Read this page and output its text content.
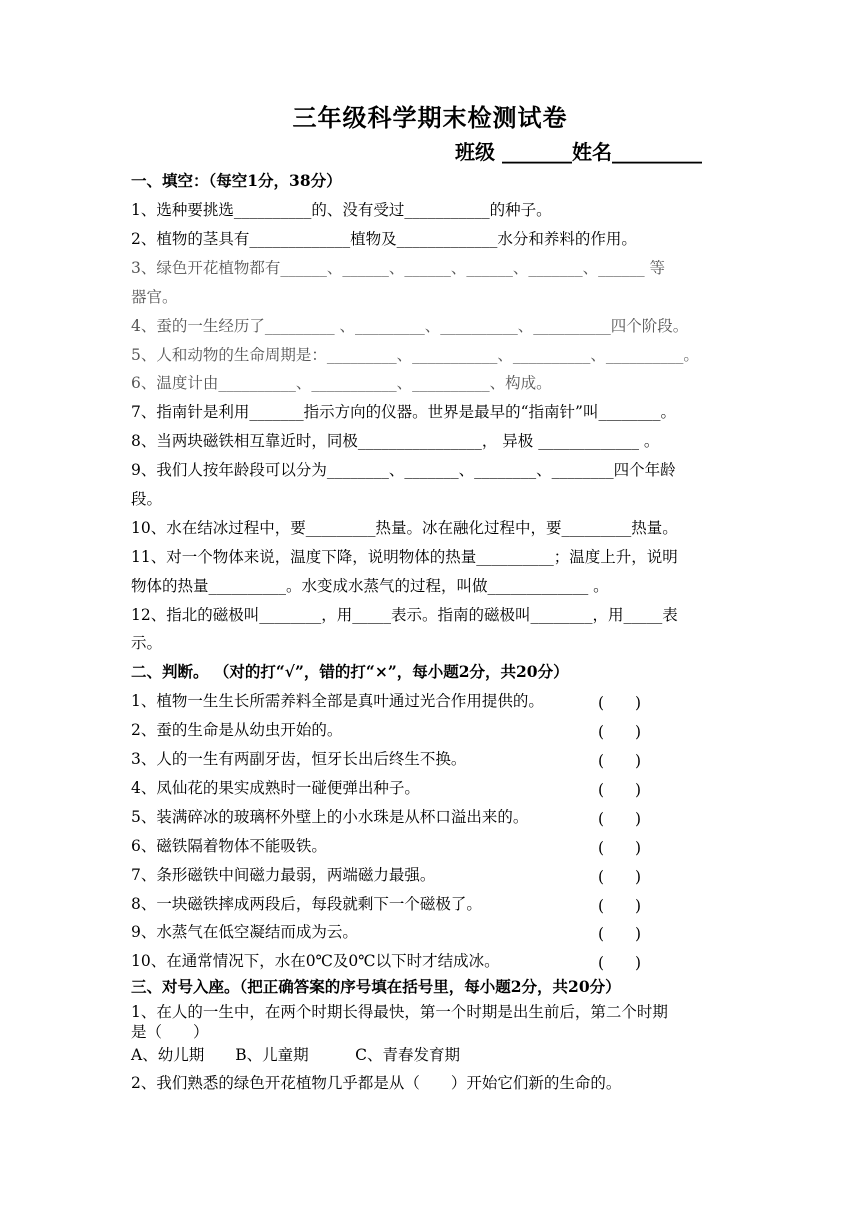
三年级科学期末检测试卷
班级 _______姓名_________
一、填空：（每空1分，38分）
1、选种要挑选__________的、没有受过___________的种子。
2、植物的茎具有_____________植物及_____________水分和养料的作用。
3、绿色开花植物都有______、______、______、______、_______、______ 等
器官。
4、蚕的一生经历了_________ 、_________、__________、__________四个阶段。
5、人和动物的生命周期是：_________、___________、__________、__________。
6、温度计由__________、___________、__________、构成。
7、指南针是利用_______指示方向的仪器。世界是最早的“指南针”叫________。
8、当两块磁铁相互靠近时，同极________________， 异极 _____________ 。
9、我们人按年龄段可以分为________、_______、________、________四个年龄
段。
10、水在结冰过程中，要_________热量。冰在融化过程中，要_________热量。
11、对一个物体来说，温度下降，说明物体的热量__________；温度上升，说明
物体的热量__________。水变成水蒸气的过程，叫做_____________ 。
12、指北的磁极叫________，用_____表示。指南的磁极叫________，用_____表
示。
二、判断。 （对的打“√”，错的打“×”，每小题2分，共20分）
1、植物一生生长所需养料全部是真叶通过光合作用提供的。	(　　)
2、蚕的生命是从幼虫开始的。	(　　)
3、人的一生有两副牙齿，恒牙长出后终生不换。	(　　)
4、凤仙花的果实成熟时一碰便弹出种子。	(　　)
5、装满碎冰的玻璃杯外壁上的小水珠是从杯口溢出来的。	(　　)
6、磁铁隔着物体不能吸铁。	(　　)
7、条形磁铁中间磁力最弱，两端磁力最强。	(　　)
8、一块磁铁摔成两段后，每段就剩下一个磁极了。	(　　)
9、水蒸气在低空凝结而成为云。	(　　)
10、在通常情况下，水在0℃及0℃以下时才结成冰。	(　　)
三、对号入座。（把正确答案的序号填在括号里，每小题2分，共20分）
1、在人的一生中，在两个时期长得最快，第一个时期是出生前后，第二个时期
是（　　）
A、幼儿期　　B、儿童期　　　C、青春发育期
2、我们熟悉的绿色开花植物几乎都是从（　　）开始它们新的生命的。
